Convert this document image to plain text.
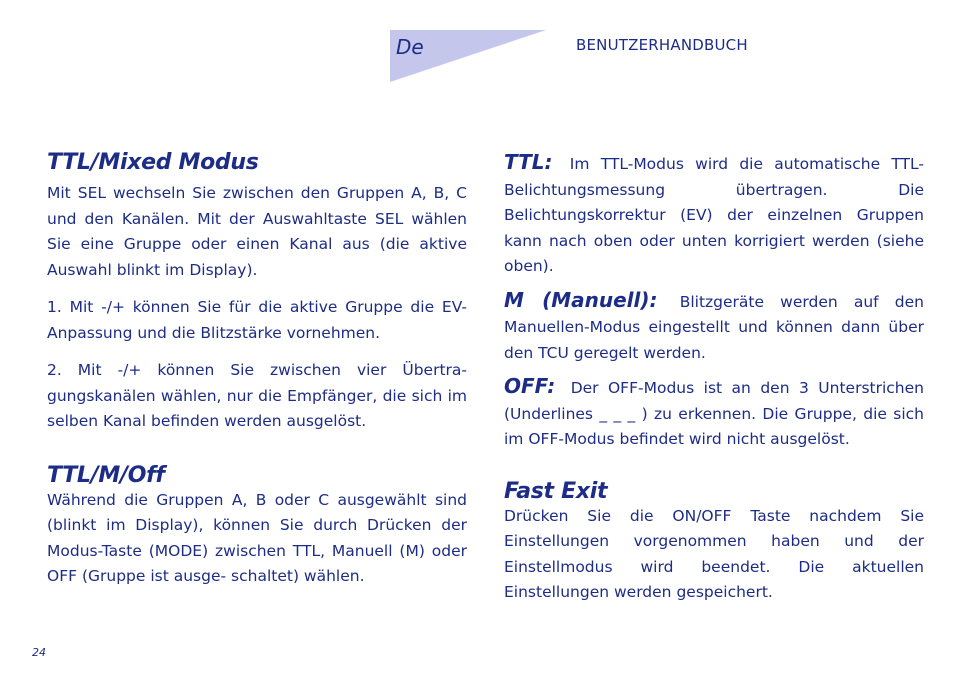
De	BENUTZERHANDBUCH
TTL/Mixed Modus

Mit SEL wechseln Sie zwischen den Gruppen A, B, C und den Kanälen. Mit der Auswahltaste SEL wählen Sie eine Gruppe oder einen Kanal aus (die aktive Auswahl blinkt im Display).

1. Mit -/+ können Sie für die aktive Gruppe die EV-Anpassung und die Blitzstärke vornehmen.

2. Mit -/+ können Sie zwischen vier Übertra- gungskanälen wählen, nur die Empfänger, die sich im selben Kanal befinden werden ausgelöst.

TTL/M/Off

Während die Gruppen A, B oder C ausgewählt sind (blinkt im Display), können Sie durch Drücken der Modus-Taste (MODE) zwischen TTL, Manuell (M) oder OFF (Gruppe ist ausge- schaltet) wählen.

TTL: Im TTL-Modus wird die automatische TTL-Belichtungsmessung übertragen. Die Belichtungskorrektur (EV) der einzelnen Gruppen kann nach oben oder unten korrigiert werden (siehe oben).

M (Manuell): Blitzgeräte werden auf den Manuellen-Modus eingestellt und können dann über den TCU geregelt werden.

OFF: Der OFF-Modus ist an den 3 Unterstrichen (Underlines _ _ _ ) zu erkennen. Die Gruppe, die sich im OFF-Modus befindet wird nicht ausgelöst.

Fast Exit

Drücken Sie die ON/OFF Taste nachdem Sie Einstellungen vorgenommen haben und der Einstellmodus wird beendet. Die aktuellen Einstellungen werden gespeichert.

24
